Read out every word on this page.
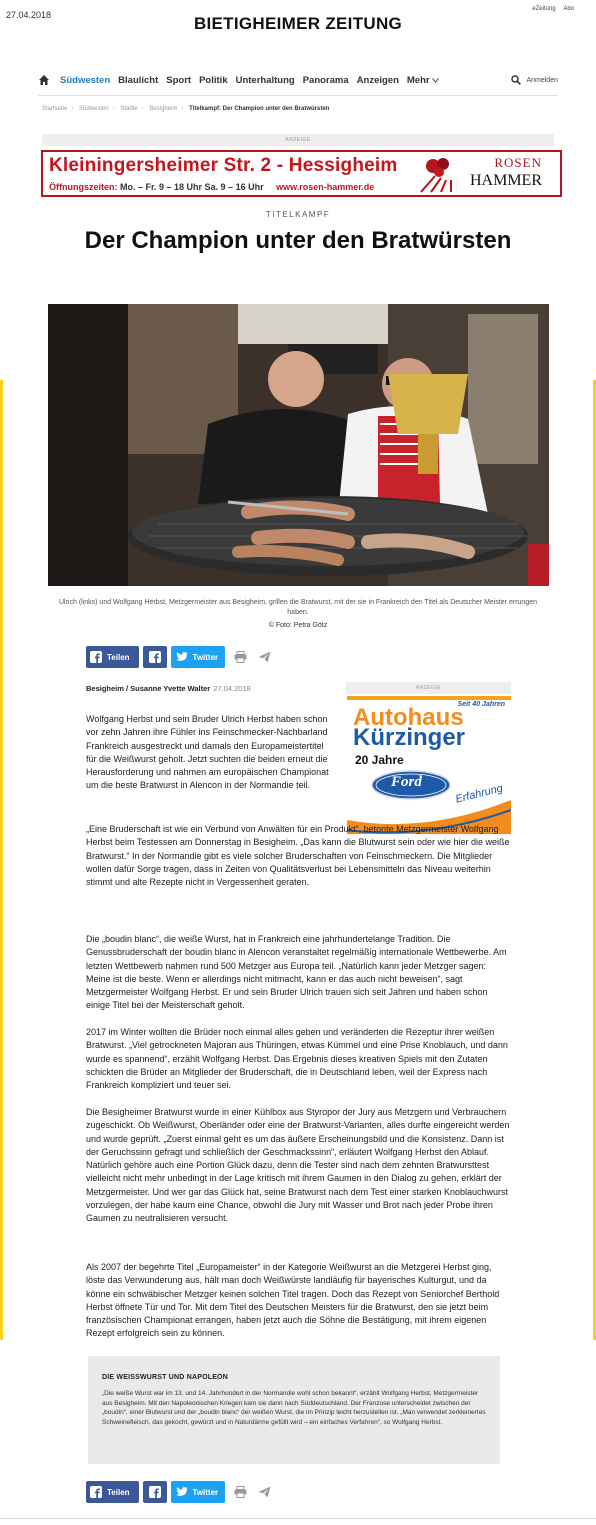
27.04.2018	BIETIGHEIMER ZEITUNG
eZeitung Abo
Südwesten Blaulicht Sport Politik Unterhaltung Panorama Anzeigen Mehr	Anmelden
Startseite › Südwesten › Städte › Besigheim › Titelkampf: Der Champion unter den Bratwürsten
ANZEIGE
Kleiningersheimer Str. 2 - Hessigheim
Öffnungszeiten: Mo. – Fr. 9 – 18 Uhr Sa. 9 – 16 Uhr www.rosen-hammer.de
ROSEN
HAMMER
TITELKAMPF
Der Champion unter den Bratwürsten
Ulrich (links) und Wolfgang Herbst, Metzgermeister aus Besigheim, grillen die Bratwurst, mit der sie in Frankreich den Titel als Deutscher Meister errungen haben.
© Foto: Petra Götz
Teilen	Twitter
Besigheim / Susanne Yvette Walter 27.04.2018	ANZEIGE
Seit 40 Jahren
Autohaus
Kürzinger
20 Jahre
Ford
Erfahrung

Wolfgang Herbst und sein Bruder Ulrich Herbst haben schon vor zehn Jahren ihre Fühler ins Feinschmecker-Nachbarland Frankreich ausgestreckt und damals den Europameistertitel für die Weißwurst geholt. Jetzt suchten die beiden erneut die Herausforderung und nahmen am europäischen Championat um die beste Bratwurst in Alencon in der Normandie teil.

„Eine Bruderschaft ist wie ein Verbund von Anwälten für ein Produkt“, betonte Metzgermeister Wolfgang Herbst beim Testessen am Donnerstag in Besigheim. „Das kann die Blutwurst sein oder wie hier die weiße Bratwurst.“ In der Normandie gibt es viele solcher Bruderschaften von Feinschmeckern. Die Mitglieder wollen dafür Sorge tragen, dass in Zeiten von Qualitätsverlust bei Lebensmitteln das Niveau weiterhin stimmt und alte Rezepte nicht in Vergessenheit geraten.

Die „boudin blanc“, die weiße Wurst, hat in Frankreich eine jahrhundertelange Tradition. Die Genussbruderschaft der boudin blanc in Alencon veranstaltet regelmäßig internationale Wettbewerbe. Am letzten Wettbewerb nahmen rund 500 Metzger aus Europa teil. „Natürlich kann jeder Metzger sagen: Meine ist die beste. Wenn er allerdings nicht mitmacht, kann er das auch nicht beweisen“, sagt Metzgermeister Wolfgang Herbst. Er und sein Bruder Ulrich trauen sich seit Jahren und haben schon einige Titel bei der Meisterschaft geholt.

2017 im Winter wollten die Brüder noch einmal alles geben und veränderten die Rezeptur ihrer weißen Bratwurst. „Viel getrockneten Majoran aus Thüringen, etwas Kümmel und eine Prise Knoblauch, und dann wurde es spannend“, erzählt Wolfgang Herbst. Das Ergebnis dieses kreativen Spiels mit den Zutaten schickten die Brüder an Mitglieder der Bruderschaft, die in Deutschland leben, weil der Express nach Frankreich kompliziert und teuer sei.

Die Besigheimer Bratwurst wurde in einer Kühlbox aus Styropor der Jury aus Metzgern und Verbrauchern zugeschickt. Ob Weißwurst, Oberländer oder eine der Bratwurst-Varianten, alles durfte eingereicht werden und wurde geprüft. „Zuerst einmal geht es um das äußere Erscheinungsbild und die Konsistenz. Dann ist der Geruchssinn gefragt und schließlich der Geschmackssinn“, erläutert Wolfgang Herbst den Ablauf. Natürlich gehöre auch eine Portion Glück dazu, denn die Tester sind nach dem zehnten Bratwursttest vielleicht nicht mehr unbedingt in der Lage kritisch mit ihrem Gaumen in den Dialog zu gehen, erklärt der Metzgermeister. Und wer gar das Glück hat, seine Bratwurst nach dem Test einer starken Knoblauchwurst vorzulegen, der habe kaum eine Chance, obwohl die Jury mit Wasser und Brot nach jeder Probe ihren Gaumen zu neutralisieren versucht.

Als 2007 der begehrte Titel „Europameister“ in der Kategorie Weißwurst an die Metzgerei Herbst ging, löste das Verwunderung aus, hält man doch Weißwürste landläufig für bayerisches Kulturgut, und da könne ein schwäbischer Metzger keinen solchen Titel tragen. Doch das Rezept von Seniorchef Berthold Herbst öffnete Tür und Tor. Mit dem Titel des Deutschen Meisters für die Bratwurst, den sie jetzt beim französischen Championat errangen, haben jetzt auch die Söhne die Bestätigung, mit ihrem eigenen Rezept erfolgreich sein zu können.

DIE WEISSWURST UND NAPOLEON
„Die weiße Wurst war im 13. und 14. Jahrhundert in der Normandie wohl schon bekannt“, erzählt Wolfgang Herbst, Metzgermeister aus Besigheim. Mit den Napoleonischen Kriegen kam sie dann nach Süddeutschland. Der Franzose unterscheidet zwischen der „boudin“, einer Blutwurst und der „boudin blanc“ der weißen Wurst, die im Prinzip leicht herzustellen ist. „Man verwendet zerkleinertes Schweinefleisch, das gekocht, gewürzt und in Naturdärme gefüllt wird – ein einfaches Verfahren“, so Wolfgang Herbst.
Teilen	Twitter
